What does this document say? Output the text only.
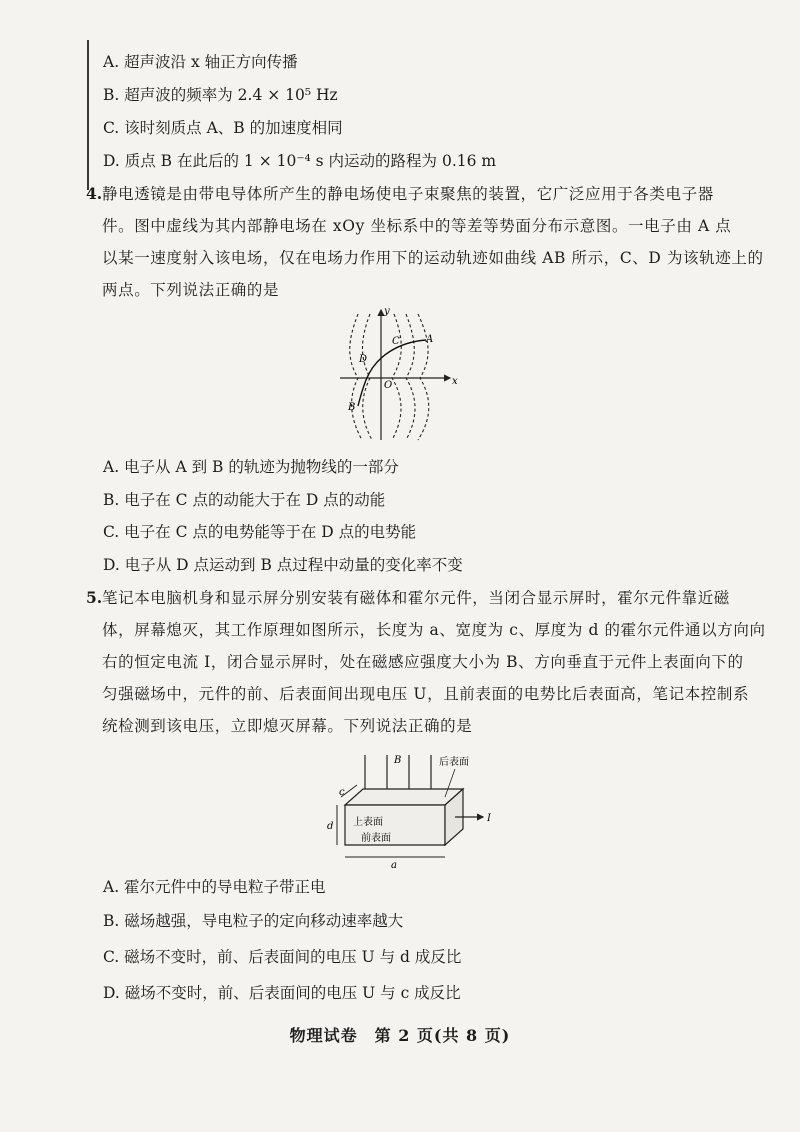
A. 超声波沿 x 轴正方向传播
B. 超声波的频率为 2.4 × 10⁵ Hz
C. 该时刻质点 A、B 的加速度相同
D. 质点 B 在此后的 1 × 10⁻⁴ s 内运动的路程为 0.16 m
4. 静电透镜是由带电导体所产生的静电场使电子束聚焦的装置，它广泛应用于各类电子器
件。图中虚线为其内部静电场在 xOy 坐标系中的等差等势面分布示意图。一电子由 A 点
以某一速度射入该电场，仅在电场力作用下的运动轨迹如曲线 AB 所示，C、D 为该轨迹上的
两点。下列说法正确的是
y
x
O
A
B
C
D
A. 电子从 A 到 B 的轨迹为抛物线的一部分
B. 电子在 C 点的动能大于在 D 点的动能
C. 电子在 C 点的电势能等于在 D 点的电势能
D. 电子从 D 点运动到 B 点过程中动量的变化率不变
5. 笔记本电脑机身和显示屏分别安装有磁体和霍尔元件，当闭合显示屏时，霍尔元件靠近磁
体，屏幕熄灭，其工作原理如图所示，长度为 a、宽度为 c、厚度为 d 的霍尔元件通以方向向
右的恒定电流 I，闭合显示屏时，处在磁感应强度大小为 B、方向垂直于元件上表面向下的
匀强磁场中，元件的前、后表面间出现电压 U，且前表面的电势比后表面高，笔记本控制系
统检测到该电压，立即熄灭屏幕。下列说法正确的是
B	后表面
上表面
前表面
I
c
d
a
A. 霍尔元件中的导电粒子带正电
B. 磁场越强，导电粒子的定向移动速率越大
C. 磁场不变时，前、后表面间的电压 U 与 d 成反比
D. 磁场不变时，前、后表面间的电压 U 与 c 成反比
物理试卷　第 2 页(共 8 页)
